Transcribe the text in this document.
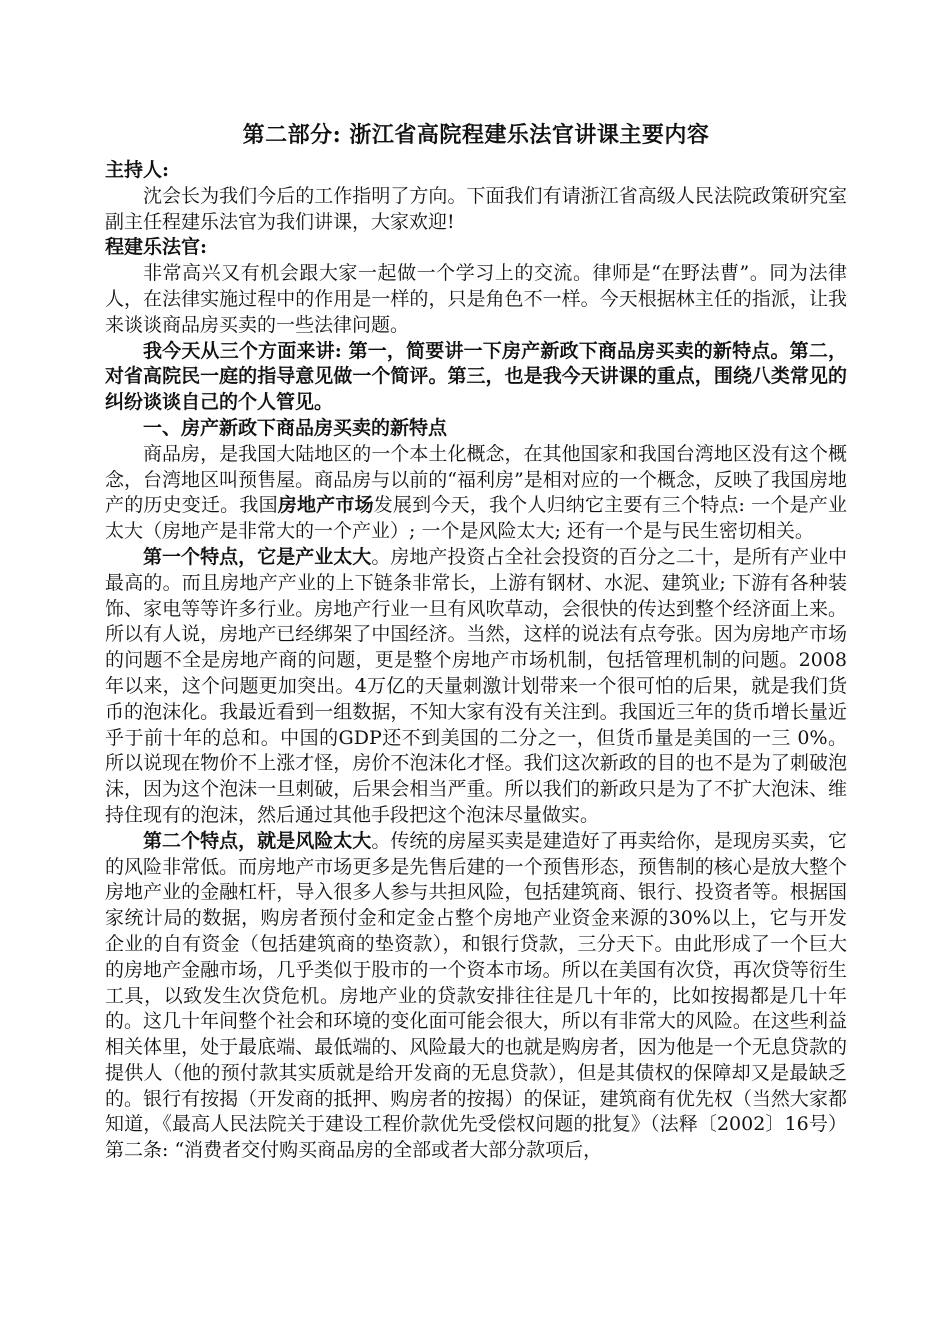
第二部分: 浙江省高院程建乐法官讲课主要内容

主持人:

沈会长为我们今后的工作指明了方向。下面我们有请浙江省高级人民法院政策研究室副主任程建乐法官为我们讲课，大家欢迎!

程建乐法官:

非常高兴又有机会跟大家一起做一个学习上的交流。律师是“在野法曹”。同为法律人，在法律实施过程中的作用是一样的，只是角色不一样。今天根据林主任的指派，让我来谈谈商品房买卖的一些法律问题。

我今天从三个方面来讲: 第一，简要讲一下房产新政下商品房买卖的新特点。第二，对省高院民一庭的指导意见做一个简评。第三，也是我今天讲课的重点，围绕八类常见的纠纷谈谈自己的个人管见。

一、房产新政下商品房买卖的新特点

商品房，是我国大陆地区的一个本土化概念，在其他国家和我国台湾地区没有这个概念，台湾地区叫预售屋。商品房与以前的“福利房”是相对应的一个概念，反映了我国房地产的历史变迁。我国房地产市场发展到今天，我个人归纳它主要有三个特点: 一个是产业太大（房地产是非常大的一个产业）; 一个是风险太大; 还有一个是与民生密切相关。

第一个特点，它是产业太大。房地产投资占全社会投资的百分之二十，是所有产业中最高的。而且房地产产业的上下链条非常长，上游有钢材、水泥、建筑业; 下游有各种装饰、家电等等许多行业。房地产行业一旦有风吹草动，会很快的传达到整个经济面上来。所以有人说，房地产已经绑架了中国经济。当然，这样的说法有点夸张。因为房地产市场的问题不全是房地产商的问题，更是整个房地产市场机制，包括管理机制的问题。2008年以来，这个问题更加突出。4万亿的天量刺激计划带来一个很可怕的后果，就是我们货币的泡沫化。我最近看到一组数据，不知大家有没有关注到。我国近三年的货币增长量近乎于前十年的总和。中国的GDP还不到美国的二分之一，但货币量是美国的一三 0%。所以说现在物价不上涨才怪，房价不泡沫化才怪。我们这次新政的目的也不是为了刺破泡沫，因为这个泡沫一旦刺破，后果会相当严重。所以我们的新政只是为了不扩大泡沫、维持住现有的泡沫，然后通过其他手段把这个泡沫尽量做实。

第二个特点，就是风险太大。传统的房屋买卖是建造好了再卖给你，是现房买卖，它的风险非常低。而房地产市场更多是先售后建的一个预售形态，预售制的核心是放大整个房地产业的金融杠杆，导入很多人参与共担风险，包括建筑商、银行、投资者等。根据国家统计局的数据，购房者预付金和定金占整个房地产业资金来源的30%以上，它与开发企业的自有资金（包括建筑商的垫资款），和银行贷款，三分天下。由此形成了一个巨大的房地产金融市场，几乎类似于股市的一个资本市场。所以在美国有次贷，再次贷等衍生工具，以致发生次贷危机。房地产业的贷款安排往往是几十年的，比如按揭都是几十年的。这几十年间整个社会和环境的变化面可能会很大，所以有非常大的风险。在这些利益相关体里，处于最底端、最低端的、风险最大的也就是购房者，因为他是一个无息贷款的提供人（他的预付款其实质就是给开发商的无息贷款），但是其债权的保障却又是最缺乏的。银行有按揭（开发商的抵押、购房者的按揭）的保证，建筑商有优先权（当然大家都知道，《最高人民法院关于建设工程价款优先受偿权问题的批复》（法释〔2002〕16号）第二条: “消费者交付购买商品房的全部或者大部分款项后，
